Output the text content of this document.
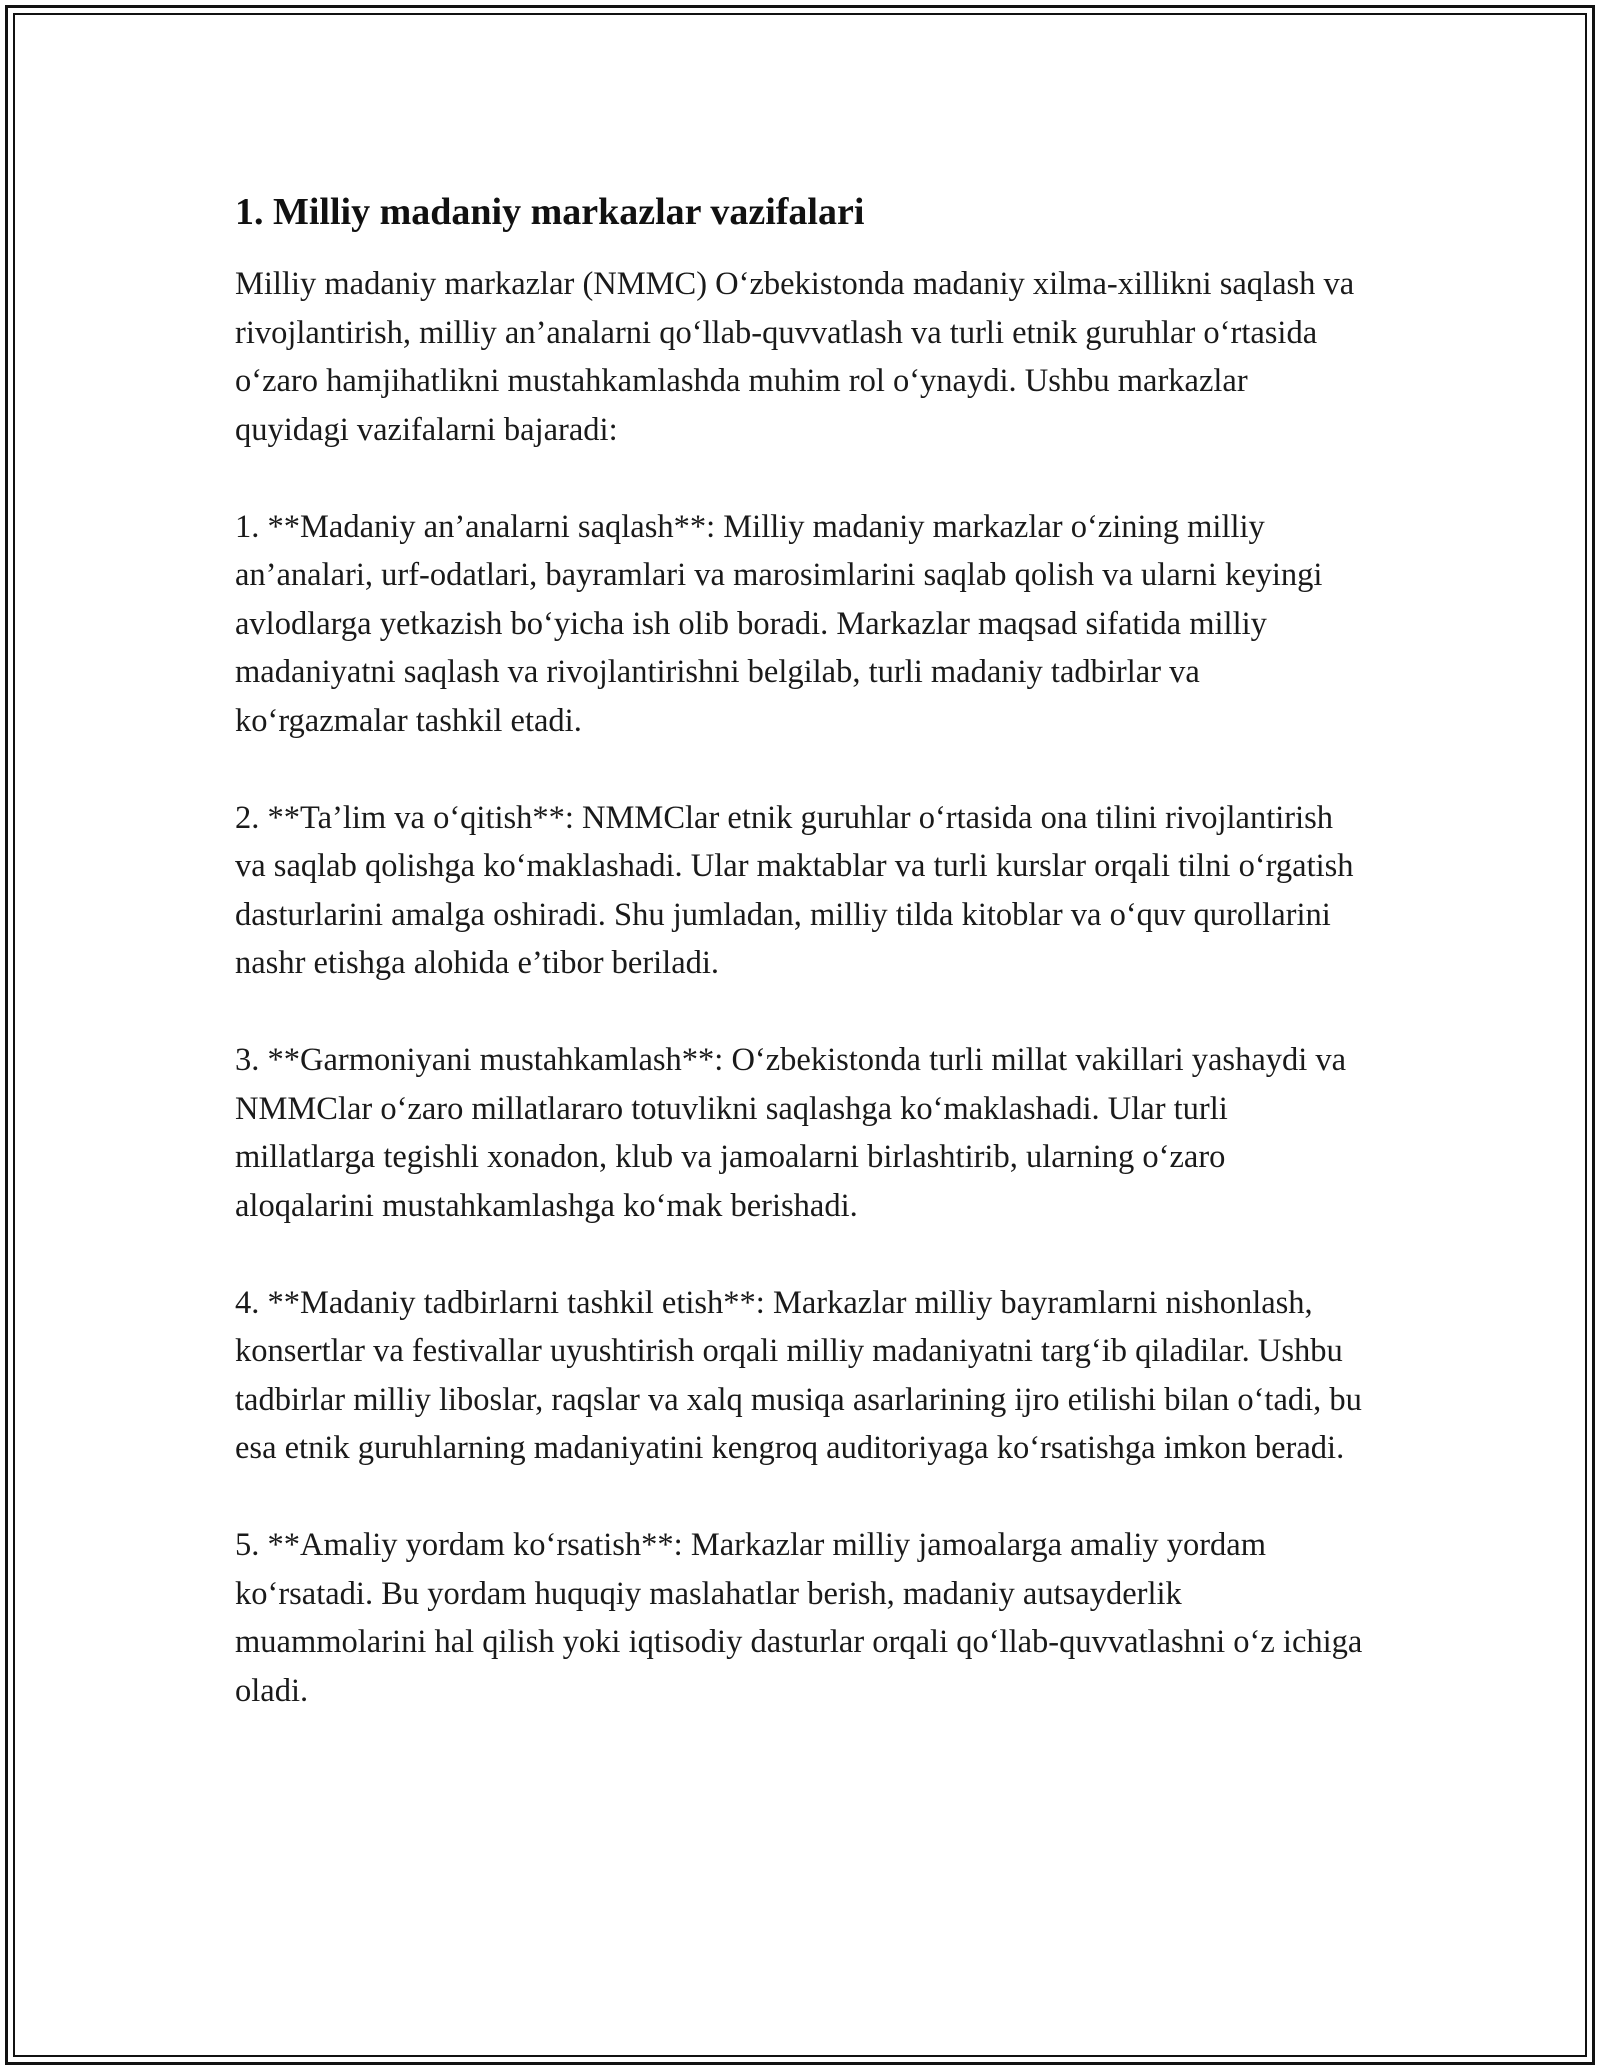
1. Milliy madaniy markazlar vazifalari

Milliy madaniy markazlar (NMMC) O‘zbekistonda madaniy xilma-xillikni saqlash va rivojlantirish, milliy an’analarni qo‘llab-quvvatlash va turli etnik guruhlar o‘rtasida o‘zaro hamjihatlikni mustahkamlashda muhim rol o‘ynaydi. Ushbu markazlar quyidagi vazifalarni bajaradi:

1. **Madaniy an’analarni saqlash**: Milliy madaniy markazlar o‘zining milliy an’analari, urf-odatlari, bayramlari va marosimlarini saqlab qolish va ularni keyingi avlodlarga yetkazish bo‘yicha ish olib boradi. Markazlar maqsad sifatida milliy madaniyatni saqlash va rivojlantirishni belgilab, turli madaniy tadbirlar va ko‘rgazmalar tashkil etadi.

2. **Ta’lim va o‘qitish**: NMMClar etnik guruhlar o‘rtasida ona tilini rivojlantirish va saqlab qolishga ko‘maklashadi. Ular maktablar va turli kurslar orqali tilni o‘rgatish dasturlarini amalga oshiradi. Shu jumladan, milliy tilda kitoblar va o‘quv qurollarini nashr etishga alohida e’tibor beriladi.

3. **Garmoniyani mustahkamlash**: O‘zbekistonda turli millat vakillari yashaydi va NMMClar o‘zaro millatlararo totuvlikni saqlashga ko‘maklashadi. Ular turli millatlarga tegishli xonadon, klub va jamoalarni birlashtirib, ularning o‘zaro aloqalarini mustahkamlashga ko‘mak berishadi.

4. **Madaniy tadbirlarni tashkil etish**: Markazlar milliy bayramlarni nishonlash, konsertlar va festivallar uyushtirish orqali milliy madaniyatni targ‘ib qiladilar. Ushbu tadbirlar milliy liboslar, raqslar va xalq musiqa asarlarining ijro etilishi bilan o‘tadi, bu esa etnik guruhlarning madaniyatini kengroq auditoriyaga ko‘rsatishga imkon beradi.

5. **Amaliy yordam ko‘rsatish**: Markazlar milliy jamoalarga amaliy yordam ko‘rsatadi. Bu yordam huquqiy maslahatlar berish, madaniy autsayderlik muammolarini hal qilish yoki iqtisodiy dasturlar orqali qo‘llab-quvvatlashni o‘z ichiga oladi.
